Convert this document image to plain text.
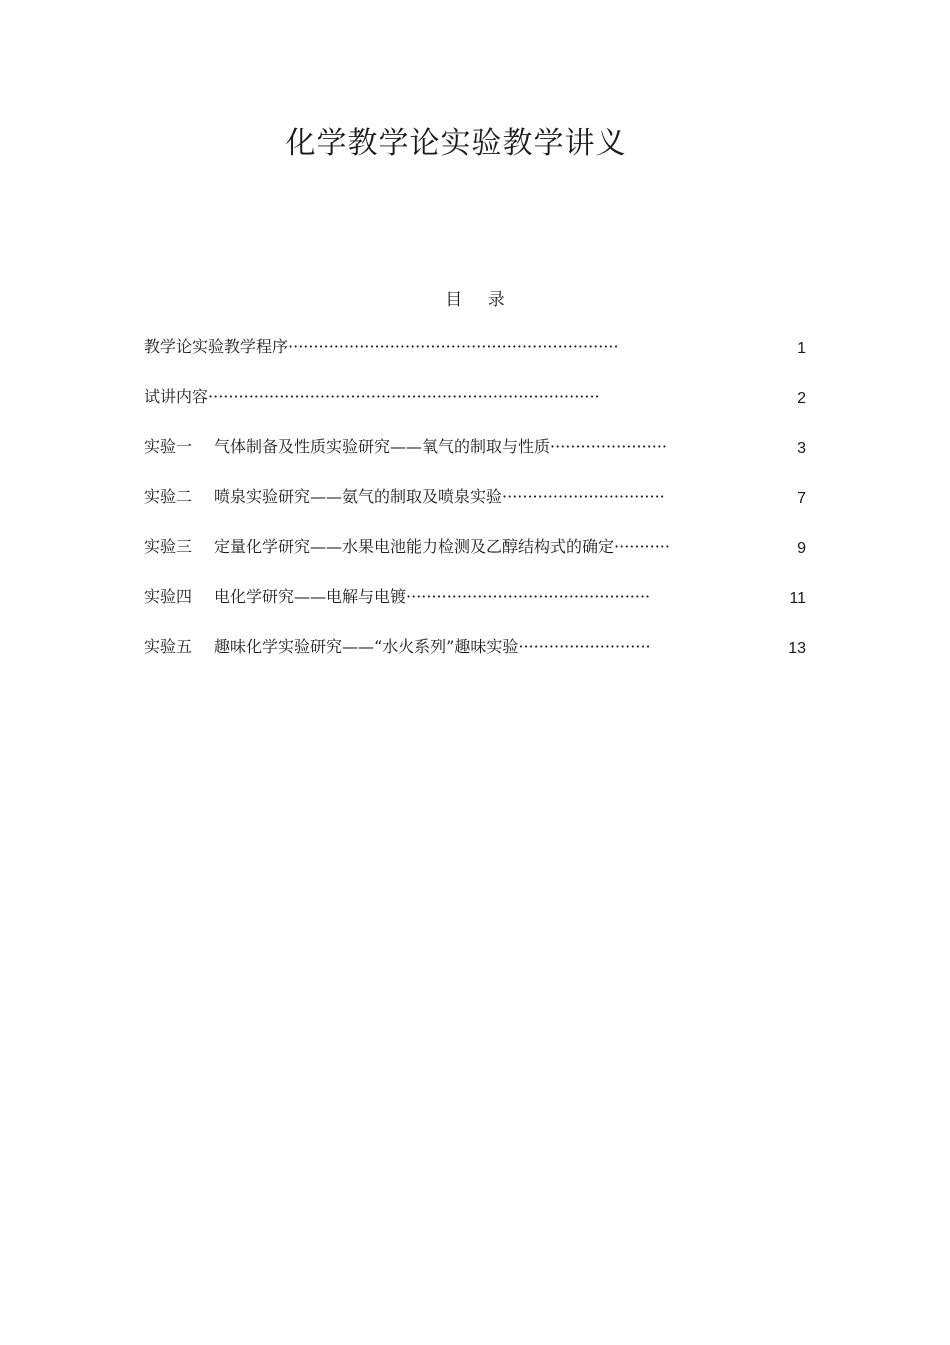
化学教学论实验教学讲义
目 录
教学论实验教学程序·································································	1
试讲内容·············································································	2
实验一 气体制备及性质实验研究——氧气的制取与性质·······················	3
实验二 喷泉实验研究——氨气的制取及喷泉实验································	7
实验三 定量化学研究——水果电池能力检测及乙醇结构式的确定···········	9
实验四 电化学研究——电解与电镀················································	11
实验五 趣味化学实验研究——“水火系列”趣味实验··························	13
